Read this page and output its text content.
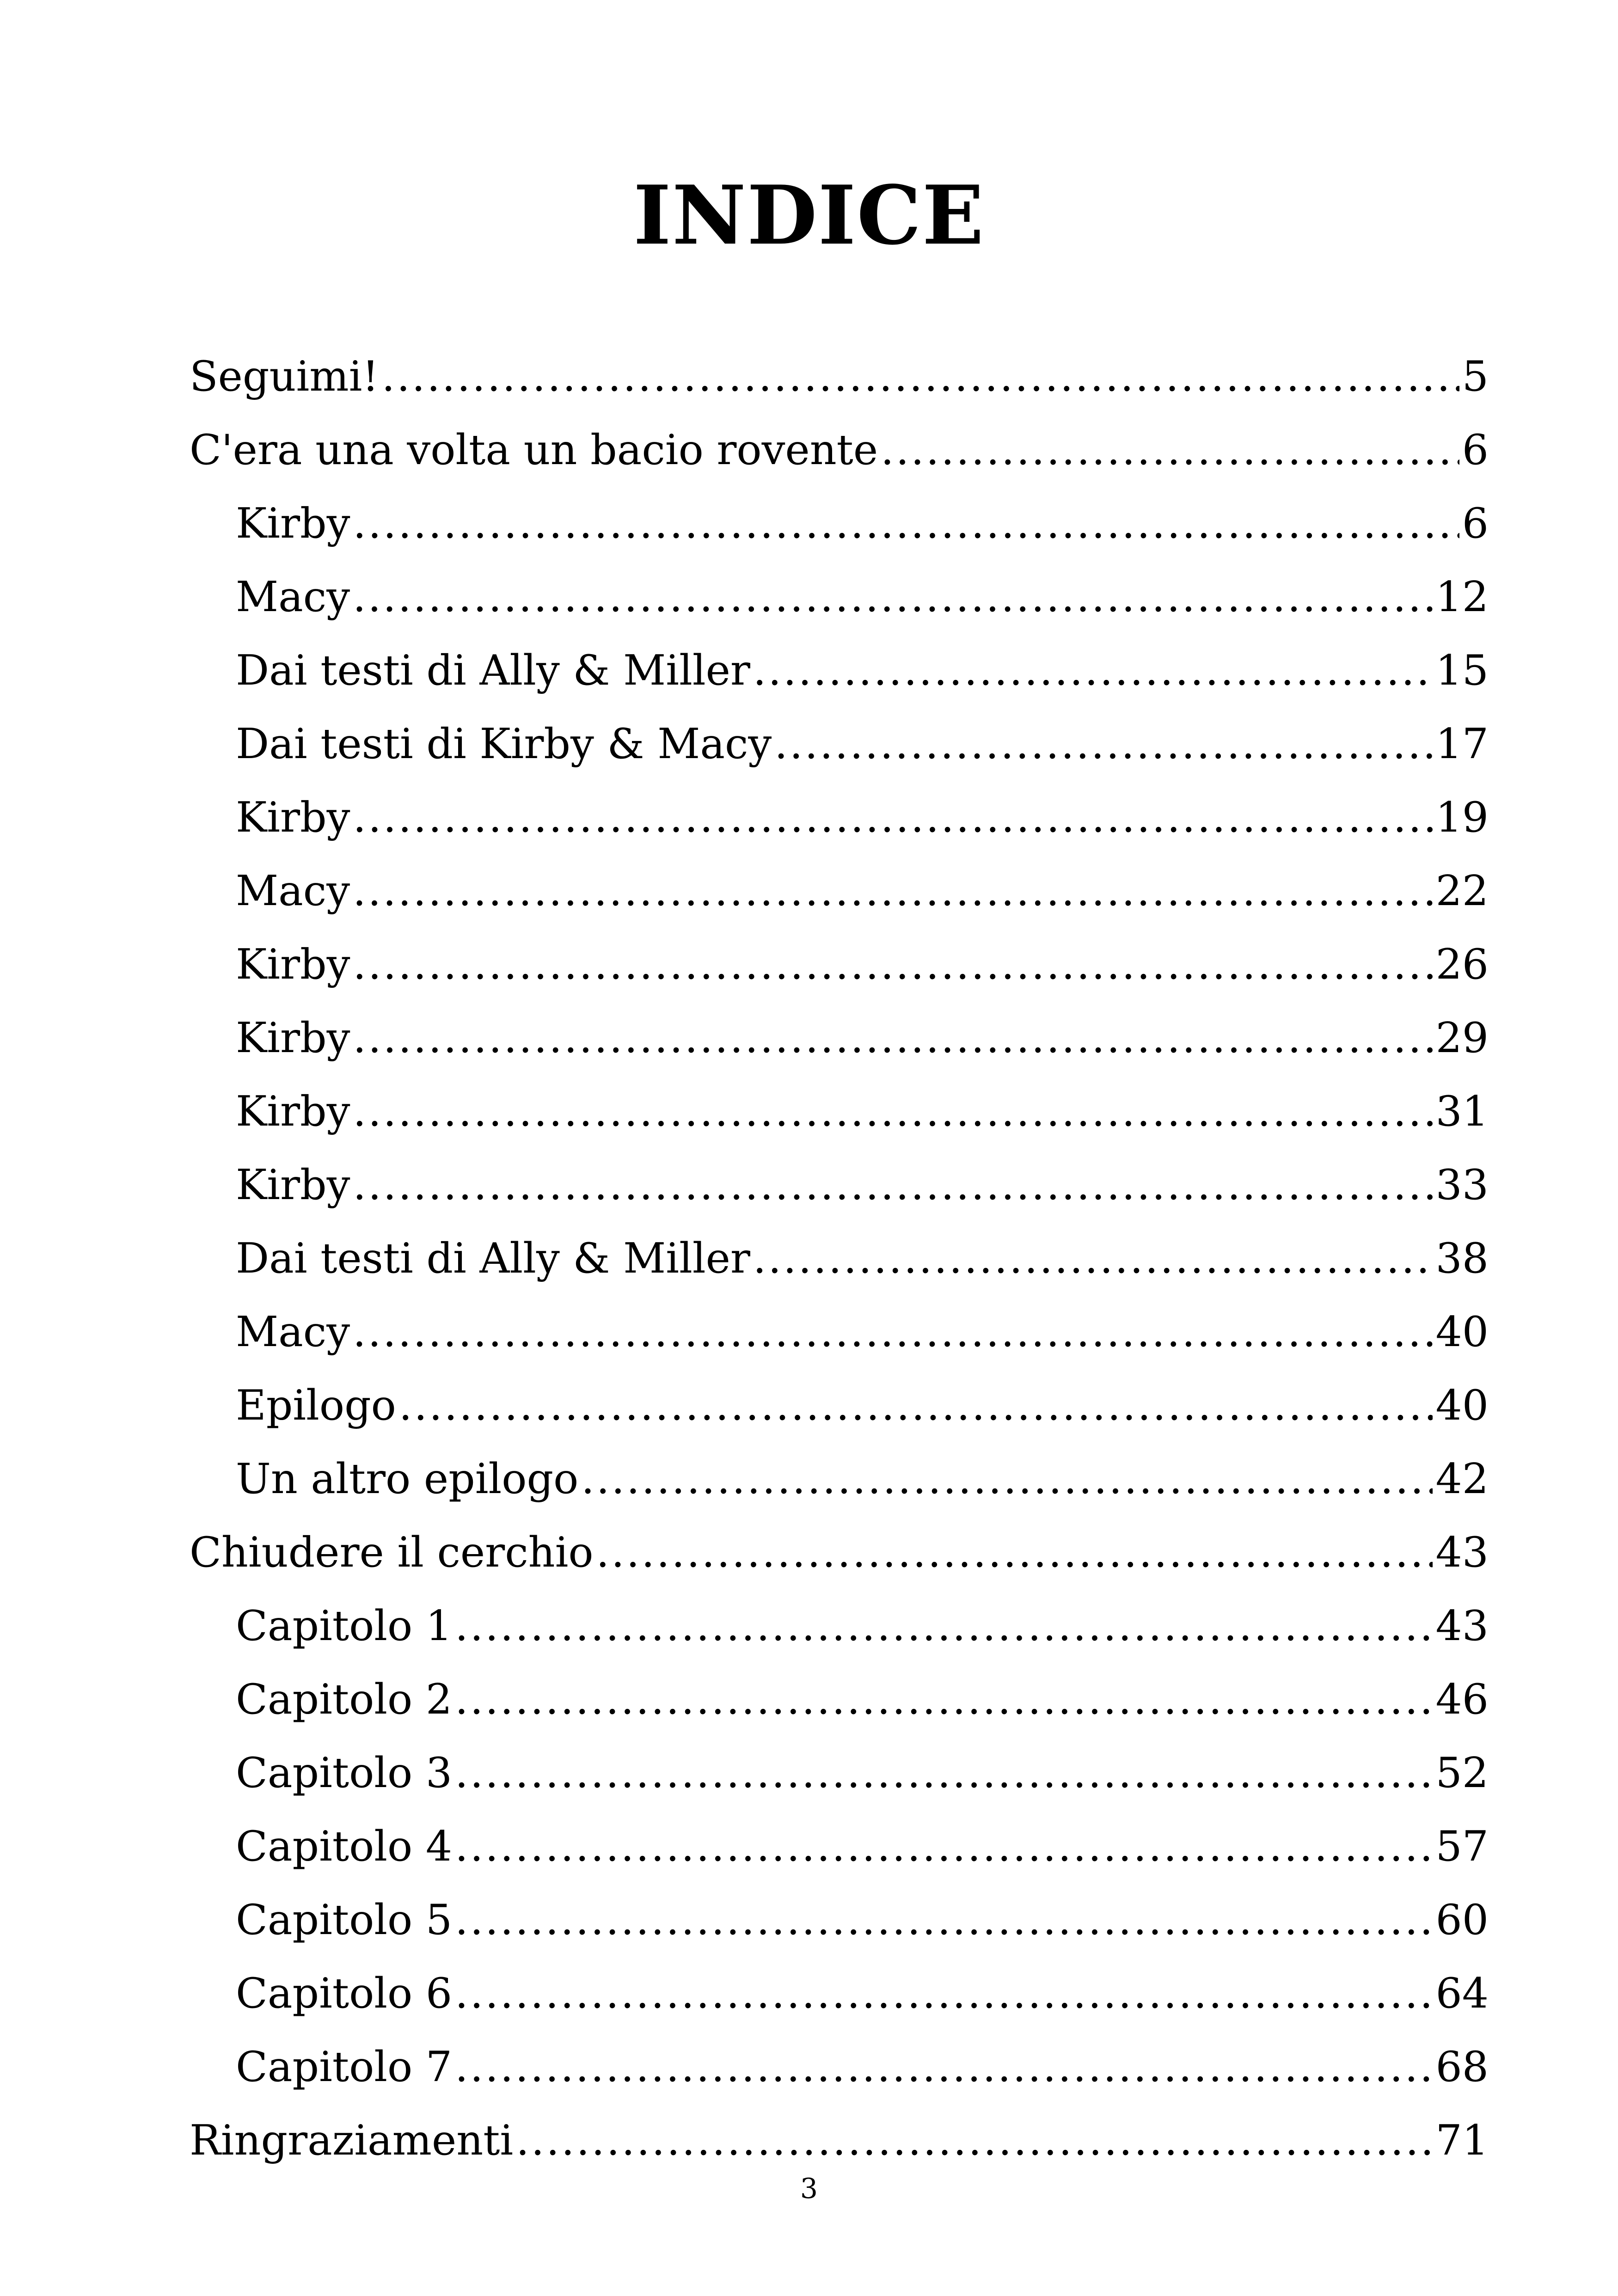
INDICE
Seguimi! .....	5
C'era una volta un bacio rovente .....	6
Kirby .....	6
Macy .....	12
Dai testi di Ally & Miller .....	15
Dai testi di Kirby & Macy .....	17
Kirby .....	19
Macy .....	22
Kirby .....	26
Kirby .....	29
Kirby .....	31
Kirby .....	33
Dai testi di Ally & Miller .....	38
Macy .....	40
Epilogo .....	40
Un altro epilogo .....	42
Chiudere il cerchio .....	43
Capitolo 1 .....	43
Capitolo 2 .....	46
Capitolo 3 .....	52
Capitolo 4 .....	57
Capitolo 5 .....	60
Capitolo 6 .....	64
Capitolo 7 .....	68
Ringraziamenti .....	71
3
